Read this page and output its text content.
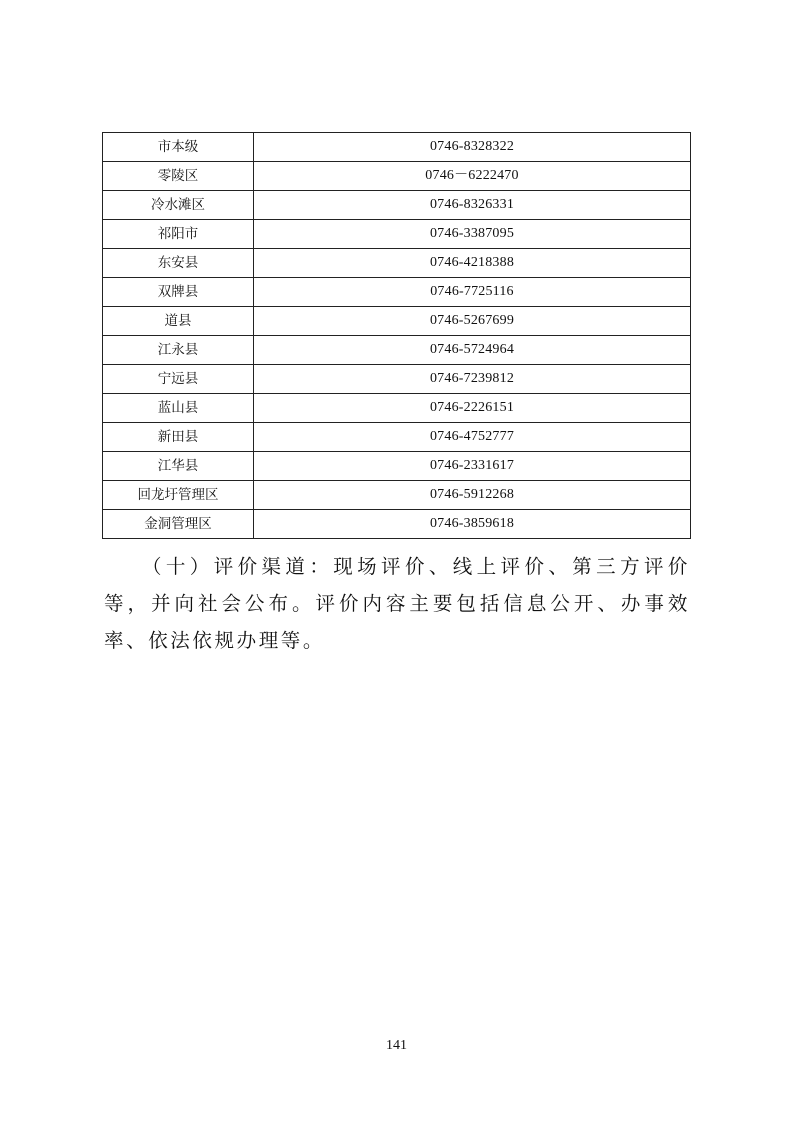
市本级	0746-8328322
零陵区	0746－6222470
冷水滩区	0746-8326331
祁阳市	0746-3387095
东安县	0746-4218388
双牌县	0746-7725116
道县	0746-5267699
江永县	0746-5724964
宁远县	0746-7239812
蓝山县	0746-2226151
新田县	0746-4752777
江华县	0746-2331617
回龙圩管理区	0746-5912268
金洞管理区	0746-3859618

（十）评价渠道：现场评价、线上评价、第三方评价等，并向社会公布。评价内容主要包括信息公开、办事效率、依法依规办理等。

141
